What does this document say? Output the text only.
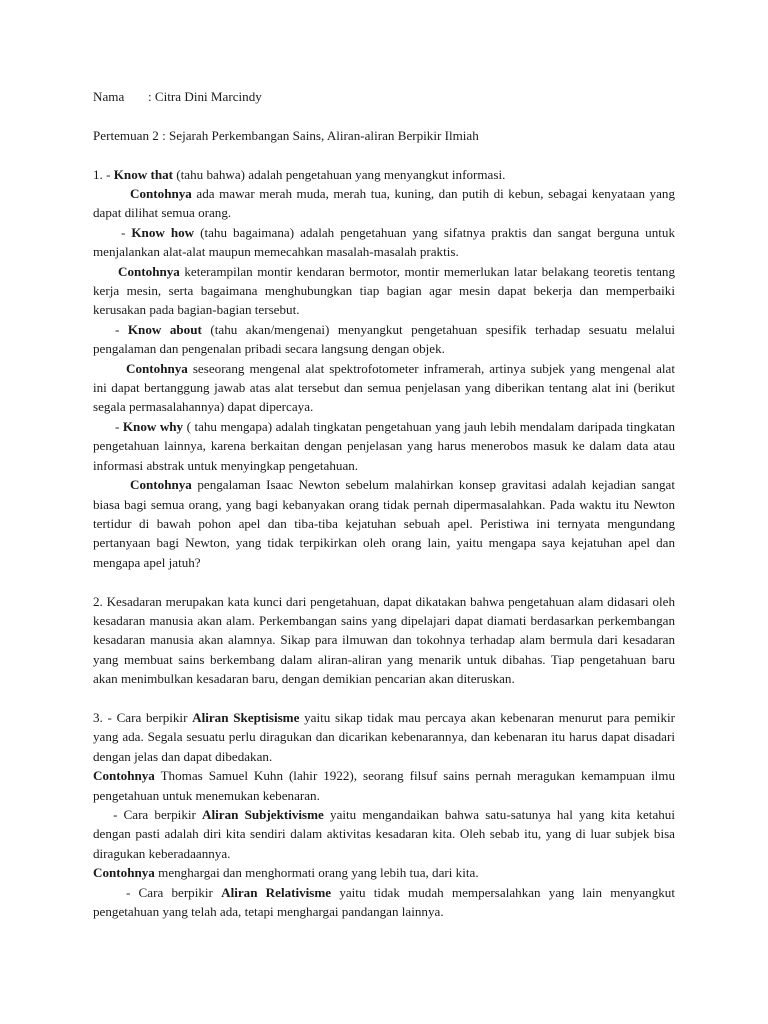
Nama : Citra Dini Marcindy

Pertemuan 2 : Sejarah Perkembangan Sains, Aliran-aliran Berpikir Ilmiah

1. - Know that (tahu bahwa) adalah pengetahuan yang menyangkut informasi.

Contohnya ada mawar merah muda, merah tua, kuning, dan putih di kebun, sebagai kenyataan yang dapat dilihat semua orang.

- Know how (tahu bagaimana) adalah pengetahuan yang sifatnya praktis dan sangat berguna untuk menjalankan alat-alat maupun memecahkan masalah-masalah praktis.

Contohnya keterampilan montir kendaran bermotor, montir memerlukan latar belakang teoretis tentang kerja mesin, serta bagaimana menghubungkan tiap bagian agar mesin dapat bekerja dan memperbaiki kerusakan pada bagian-bagian tersebut.

- Know about (tahu akan/mengenai) menyangkut pengetahuan spesifik terhadap sesuatu melalui pengalaman dan pengenalan pribadi secara langsung dengan objek.

Contohnya seseorang mengenal alat spektrofotometer inframerah, artinya subjek yang mengenal alat ini dapat bertanggung jawab atas alat tersebut dan semua penjelasan yang diberikan tentang alat ini (berikut segala permasalahannya) dapat dipercaya.

- Know why ( tahu mengapa) adalah tingkatan pengetahuan yang jauh lebih mendalam daripada tingkatan pengetahuan lainnya, karena berkaitan dengan penjelasan yang harus menerobos masuk ke dalam data atau informasi abstrak untuk menyingkap pengetahuan.

Contohnya pengalaman Isaac Newton sebelum malahirkan konsep gravitasi adalah kejadian sangat biasa bagi semua orang, yang bagi kebanyakan orang tidak pernah dipermasalahkan. Pada waktu itu Newton tertidur di bawah pohon apel dan tiba-tiba kejatuhan sebuah apel. Peristiwa ini ternyata mengundang pertanyaan bagi Newton, yang tidak terpikirkan oleh orang lain, yaitu mengapa saya kejatuhan apel dan mengapa apel jatuh?

2. Kesadaran merupakan kata kunci dari pengetahuan, dapat dikatakan bahwa pengetahuan alam didasari oleh kesadaran manusia akan alam. Perkembangan sains yang dipelajari dapat diamati berdasarkan perkembangan kesadaran manusia akan alamnya. Sikap para ilmuwan dan tokohnya terhadap alam bermula dari kesadaran yang membuat sains berkembang dalam aliran-aliran yang menarik untuk dibahas. Tiap pengetahuan baru akan menimbulkan kesadaran baru, dengan demikian pencarian akan diteruskan.

3. - Cara berpikir Aliran Skeptisisme yaitu sikap tidak mau percaya akan kebenaran menurut para pemikir yang ada. Segala sesuatu perlu diragukan dan dicarikan kebenarannya, dan kebenaran itu harus dapat disadari dengan jelas dan dapat dibedakan.

Contohnya Thomas Samuel Kuhn (lahir 1922), seorang filsuf sains pernah meragukan kemampuan ilmu pengetahuan untuk menemukan kebenaran.

- Cara berpikir Aliran Subjektivisme yaitu mengandaikan bahwa satu-satunya hal yang kita ketahui dengan pasti adalah diri kita sendiri dalam aktivitas kesadaran kita. Oleh sebab itu, yang di luar subjek bisa diragukan keberadaannya.

Contohnya menghargai dan menghormati orang yang lebih tua, dari kita.

- Cara berpikir Aliran Relativisme yaitu tidak mudah mempersalahkan yang lain menyangkut pengetahuan yang telah ada, tetapi menghargai pandangan lainnya.
